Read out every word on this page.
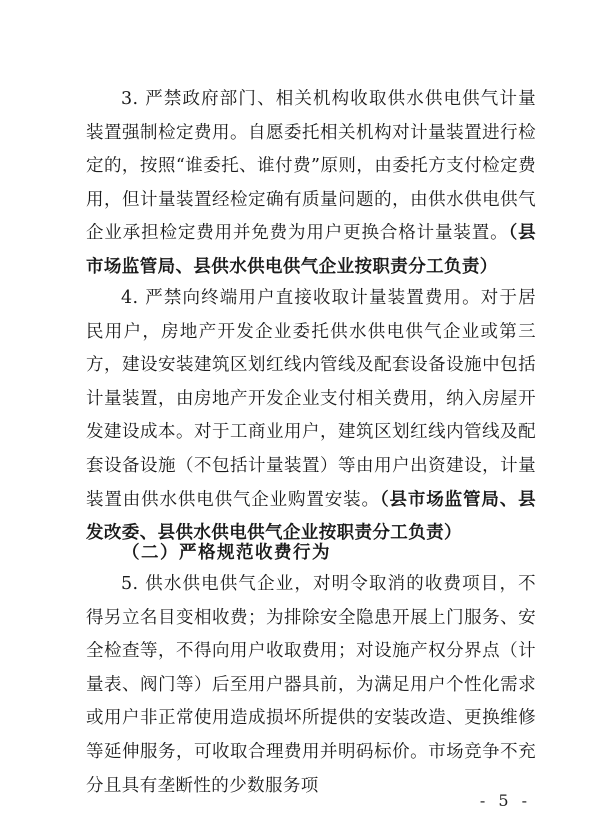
3. 严禁政府部门、相关机构收取供水供电供气计量装置强制检定费用。自愿委托相关机构对计量装置进行检定的，按照“谁委托、谁付费”原则，由委托方支付检定费用，但计量装置经检定确有质量问题的，由供水供电供气企业承担检定费用并免费为用户更换合格计量装置。（县市场监管局、县供水供电供气企业按职责分工负责）

4. 严禁向终端用户直接收取计量装置费用。对于居民用户，房地产开发企业委托供水供电供气企业或第三方，建设安装建筑区划红线内管线及配套设备设施中包括计量装置，由房地产开发企业支付相关费用，纳入房屋开发建设成本。对于工商业用户，建筑区划红线内管线及配套设备设施（不包括计量装置）等由用户出资建设，计量装置由供水供电供气企业购置安装。（县市场监管局、县发改委、县供水供电供气企业按职责分工负责）

（二）严格规范收费行为

5. 供水供电供气企业，对明令取消的收费项目，不得另立名目变相收费；为排除安全隐患开展上门服务、安全检查等，不得向用户收取费用；对设施产权分界点（计量表、阀门等）后至用户器具前，为满足用户个性化需求或用户非正常使用造成损坏所提供的安装改造、更换维修等延伸服务，可收取合理费用并明码标价。市场竞争不充分且具有垄断性的少数服务项

- 5 -
